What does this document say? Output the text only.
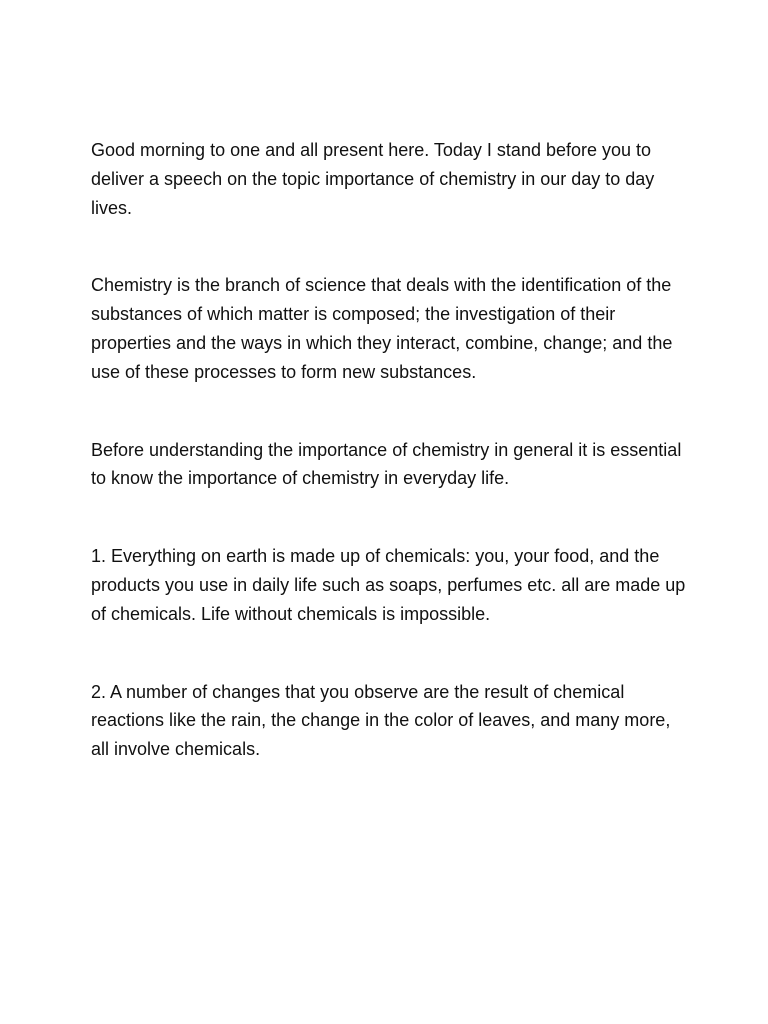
Good morning to one and all present here. Today I stand before you to deliver a speech on the topic importance of chemistry in our day to day lives.

Chemistry is the branch of science that deals with the identification of the substances of which matter is composed; the investigation of their properties and the ways in which they interact, combine, change; and the use of these processes to form new substances.

Before understanding the importance of chemistry in general it is essential to know the importance of chemistry in everyday life.

1. Everything on earth is made up of chemicals: you, your food, and the products you use in daily life such as soaps, perfumes etc. all are made up of chemicals. Life without chemicals is impossible.

2. A number of changes that you observe are the result of chemical reactions like the rain, the change in the color of leaves, and many more, all involve chemicals.
